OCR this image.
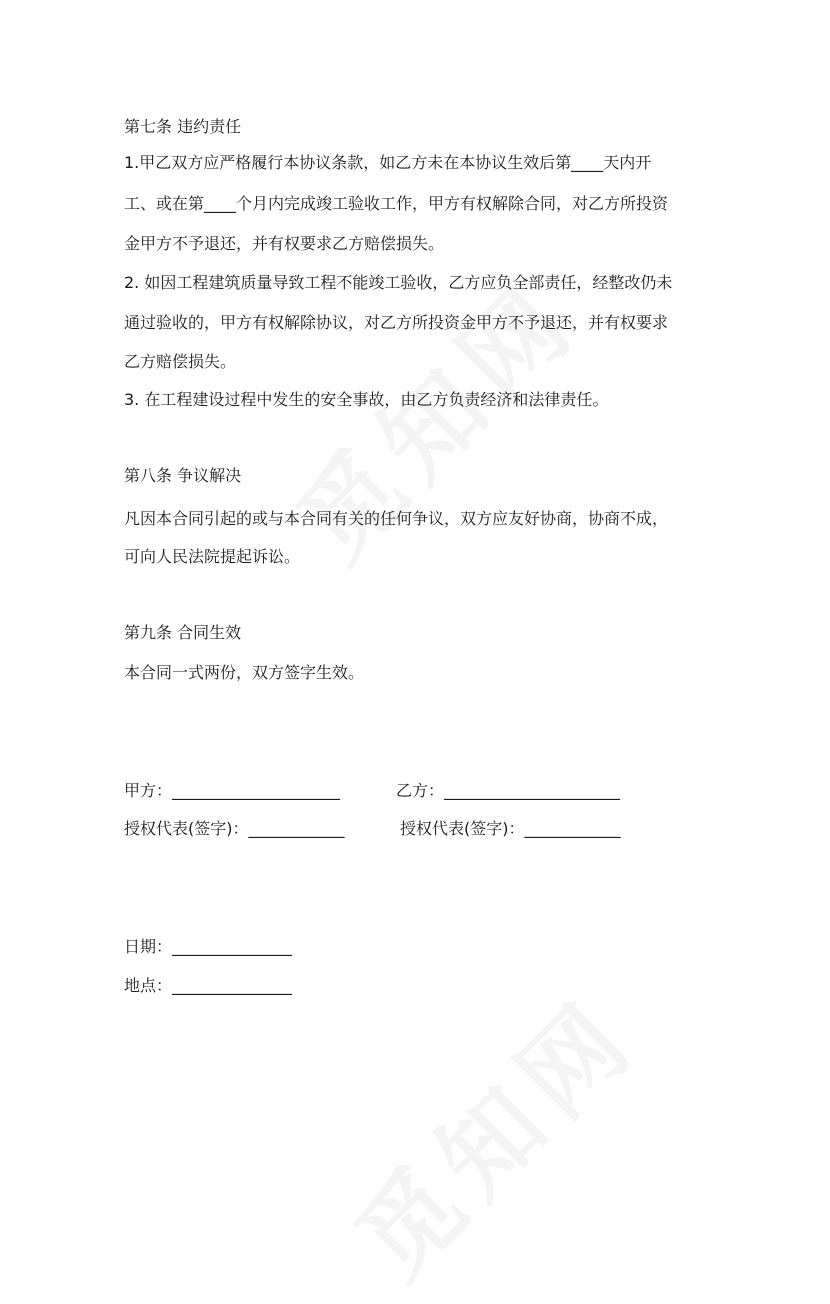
第七条 违约责任
1.甲乙双方应严格履行本协议条款，如乙方未在本协议生效后第____天内开
工、或在第____个月内完成竣工验收工作，甲方有权解除合同，对乙方所投资
金甲方不予退还，并有权要求乙方赔偿损失。
2. 如因工程建筑质量导致工程不能竣工验收，乙方应负全部责任，经整改仍未
通过验收的，甲方有权解除协议，对乙方所投资金甲方不予退还，并有权要求
乙方赔偿损失。
3. 在工程建设过程中发生的安全事故，由乙方负责经济和法律责任。
第八条 争议解决
凡因本合同引起的或与本合同有关的任何争议，双方应友好协商，协商不成，
可向人民法院提起诉讼。
第九条 合同生效
本合同一式两份，双方签字生效。
甲方：_____________________	乙方：______________________
授权代表(签字)：____________	授权代表(签字)：____________
日期：_______________
地点：_______________
